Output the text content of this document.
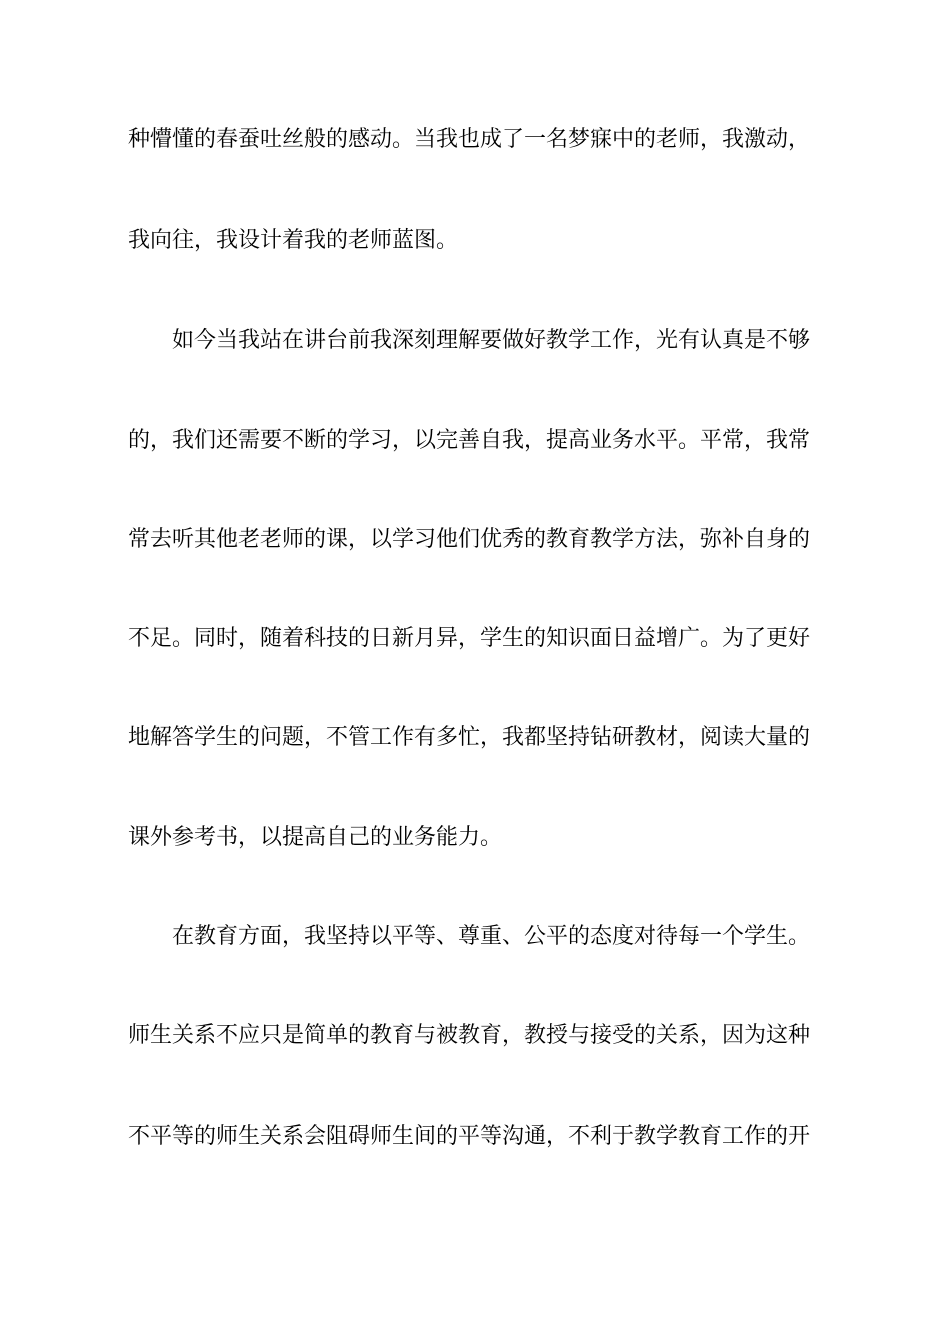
种懵懂的春蚕吐丝般的感动。当我也成了一名梦寐中的老师，我激动，
我向往，我设计着我的老师蓝图。
如今当我站在讲台前我深刻理解要做好教学工作，光有认真是不够
的，我们还需要不断的学习，以完善自我，提高业务水平。平常，我常
常去听其他老老师的课，以学习他们优秀的教育教学方法，弥补自身的
不足。同时，随着科技的日新月异，学生的知识面日益增广。为了更好
地解答学生的问题，不管工作有多忙，我都坚持钻研教材，阅读大量的
课外参考书，以提高自己的业务能力。
在教育方面，我坚持以平等、尊重、公平的态度对待每一个学生。
师生关系不应只是简单的教育与被教育，教授与接受的关系，因为这种
不平等的师生关系会阻碍师生间的平等沟通，不利于教学教育工作的开
